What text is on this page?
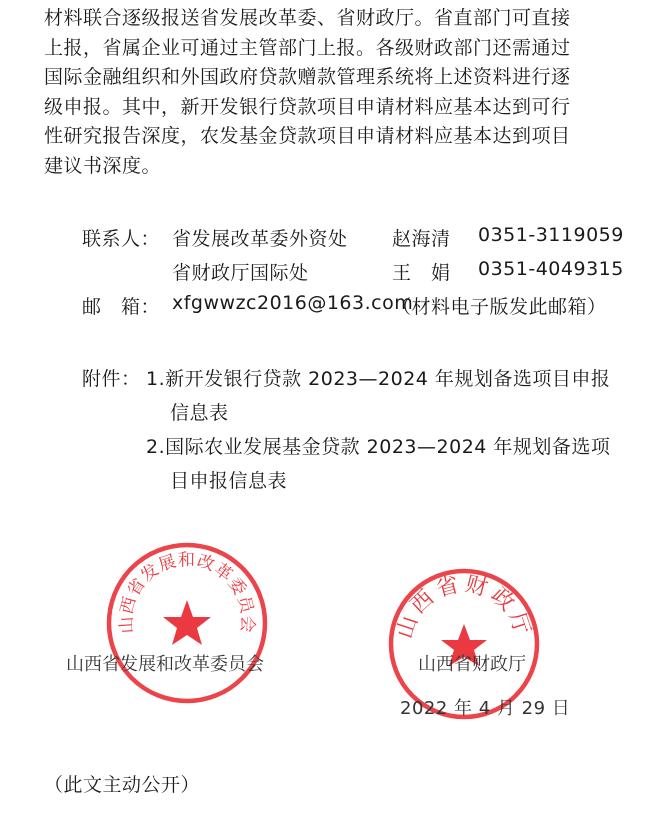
材料联合逐级报送省发展改革委、省财政厅。省直部门可直接
上报，省属企业可通过主管部门上报。各级财政部门还需通过
国际金融组织和外国政府贷款赠款管理系统将上述资料进行逐
级申报。其中，新开发银行贷款项目申请材料应基本达到可行
性研究报告深度，农发基金贷款项目申请材料应基本达到项目
建议书深度。
联系人： 省发展改革委外资处 赵海清 0351-3119059
省财政厅国际处	王　娟 0351-4049315
邮　箱： xfgwwzc2016@163.com
（材料电子版发此邮箱）
附件： 1.新开发银行贷款 2023—2024 年规划备选项目申报
信息表
2.国际农业发展基金贷款 2023—2024 年规划备选项
目申报信息表
山西省发展和改革委员会
山西省发展和改革委员会
山西省财政厅
山西省财政厅
2022 年 4 月 29 日
（此文主动公开）
